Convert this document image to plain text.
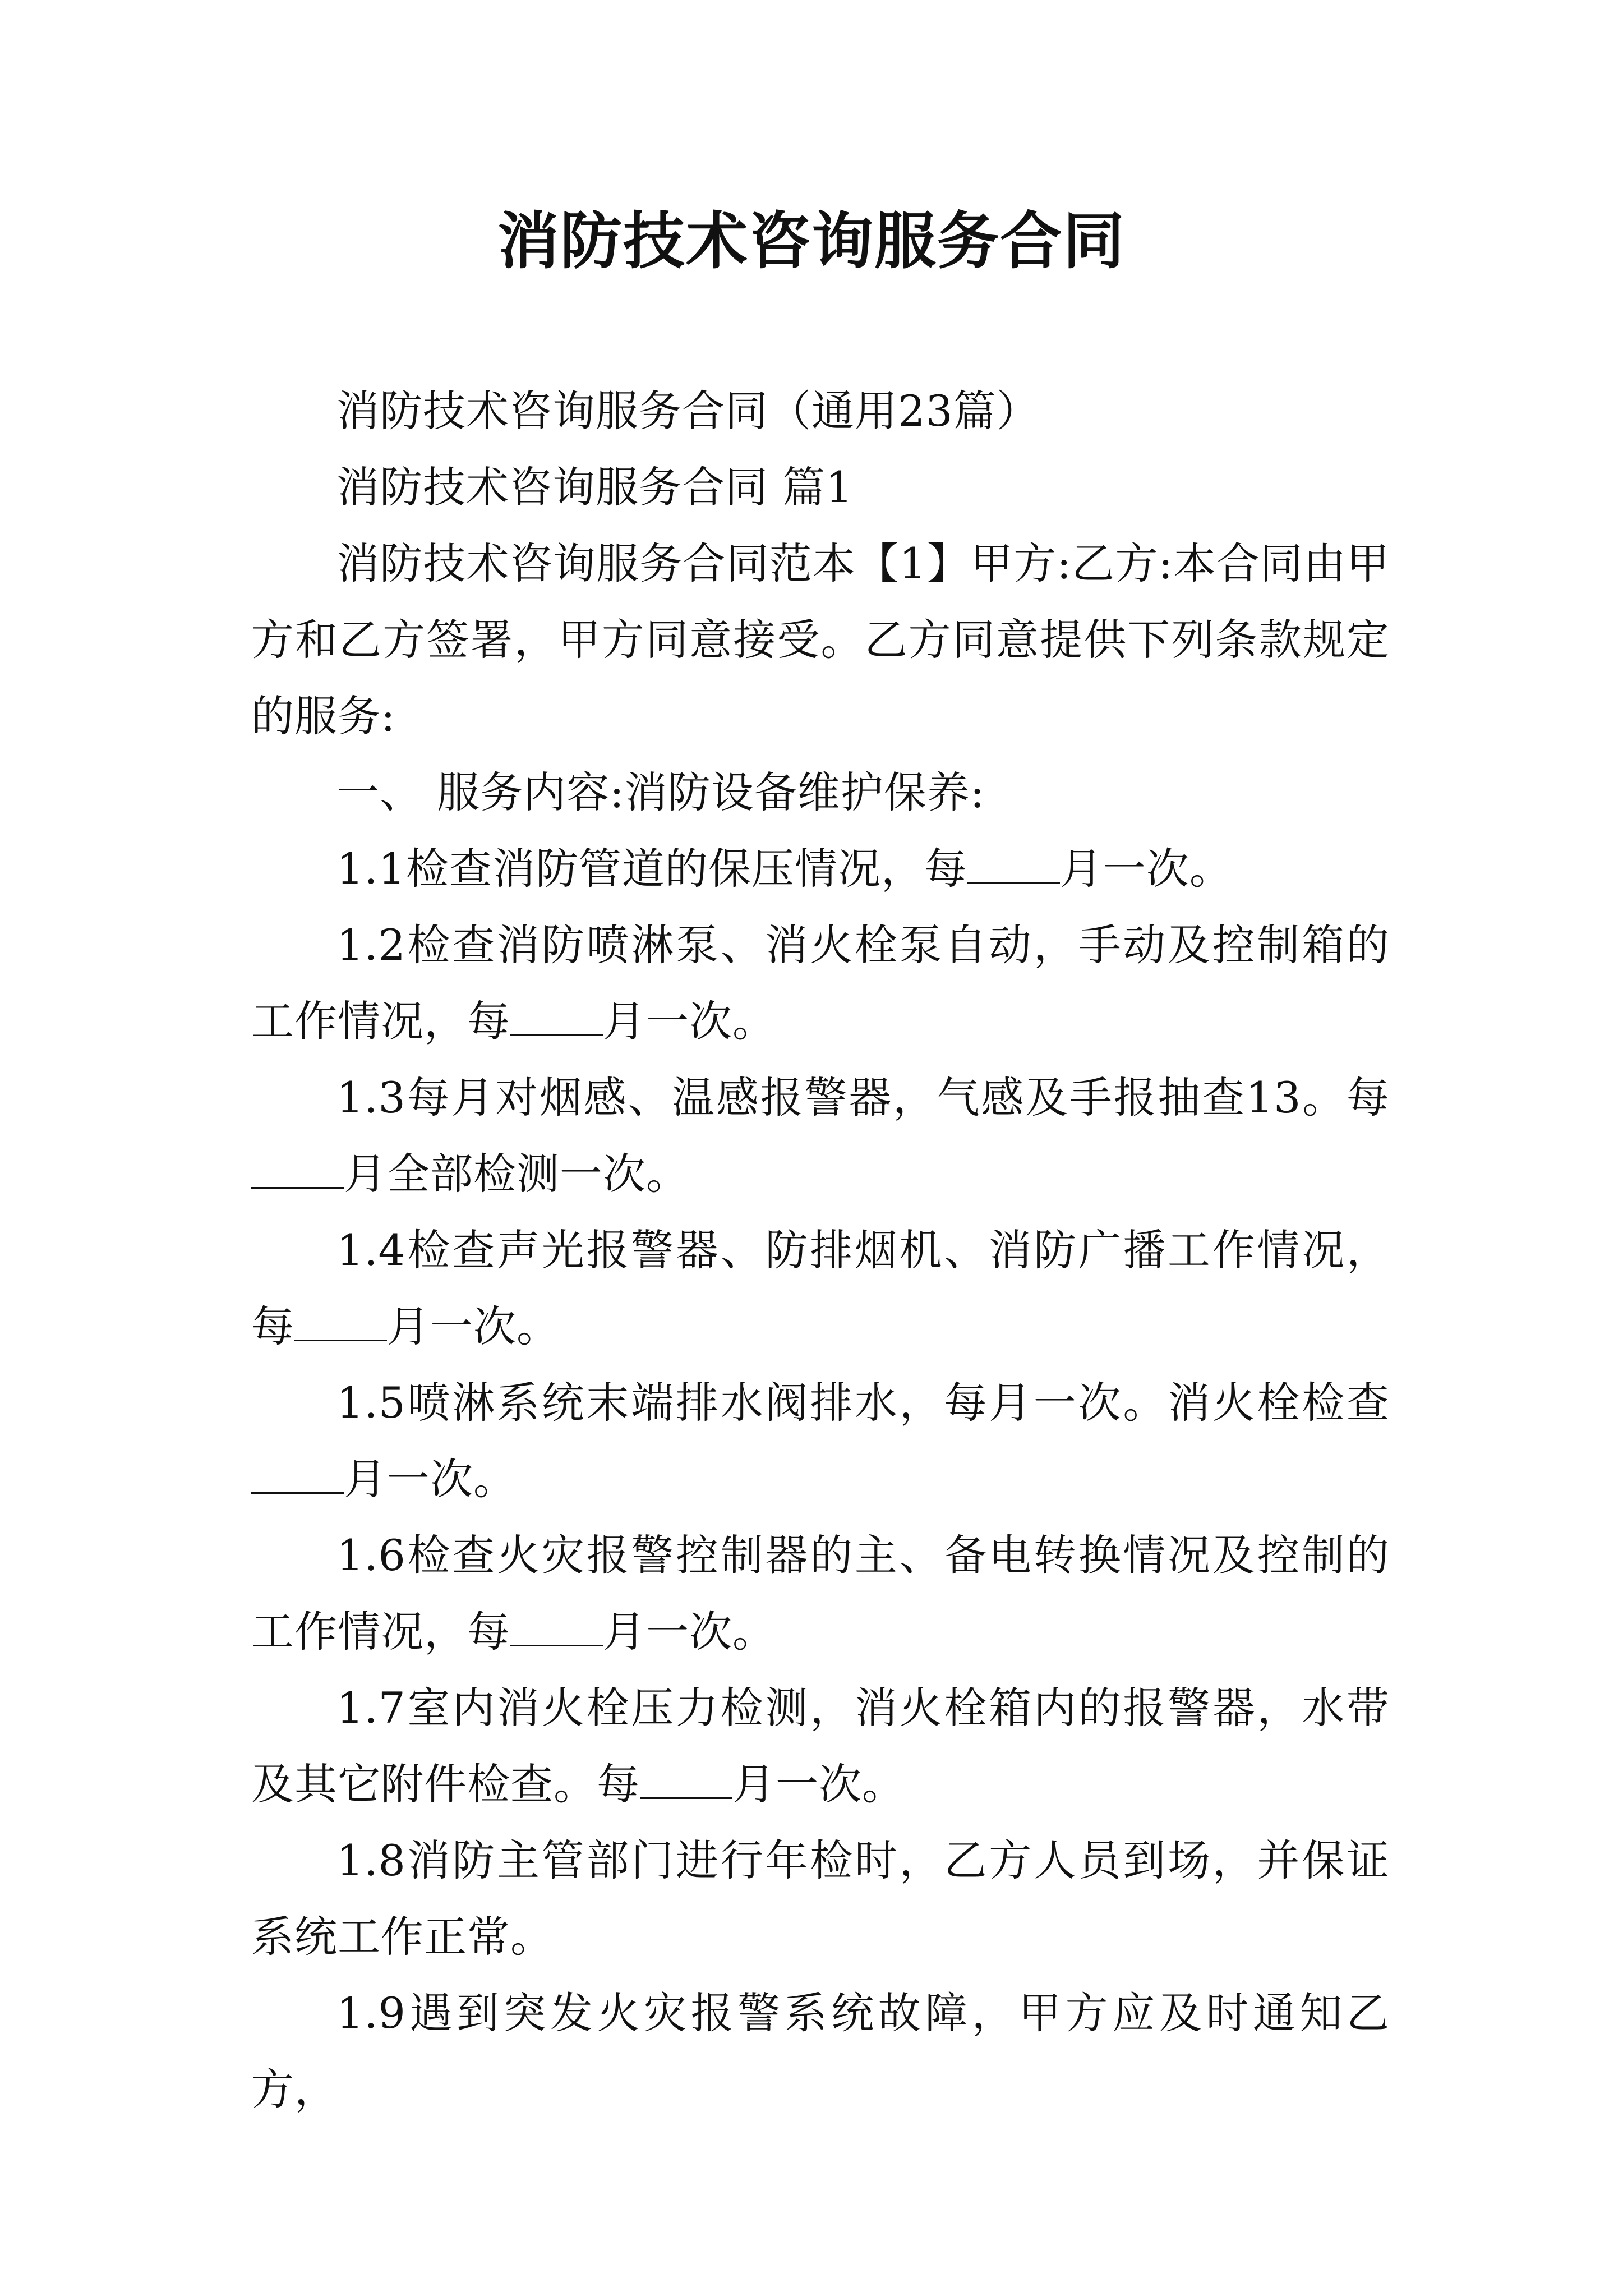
消防技术咨询服务合同

消防技术咨询服务合同（通用23篇）

消防技术咨询服务合同 篇1

消防技术咨询服务合同范本【1】甲方:乙方:本合同由甲方和乙方签署，甲方同意接受。乙方同意提供下列条款规定的服务:

一、 服务内容:消防设备维护保养:

1.1检查消防管道的保压情况，每 月一次。

1.2检查消防喷淋泵、消火栓泵自动，手动及控制箱的工作情况，每 月一次。

1.3每月对烟感、温感报警器，气感及手报抽查13。每月全部检测一次。

1.4检查声光报警器、防排烟机、消防广播工作情况，每 月一次。

1.5喷淋系统末端排水阀排水，每月一次。消火栓检查月一次。

1.6检查火灾报警控制器的主、备电转换情况及控制的工作情况，每 月一次。

1.7室内消火栓压力检测，消火栓箱内的报警器，水带及其它附件检查。每 月一次。

1.8消防主管部门进行年检时，乙方人员到场，并保证系统工作正常。

1.9遇到突发火灾报警系统故障，甲方应及时通知乙方，
